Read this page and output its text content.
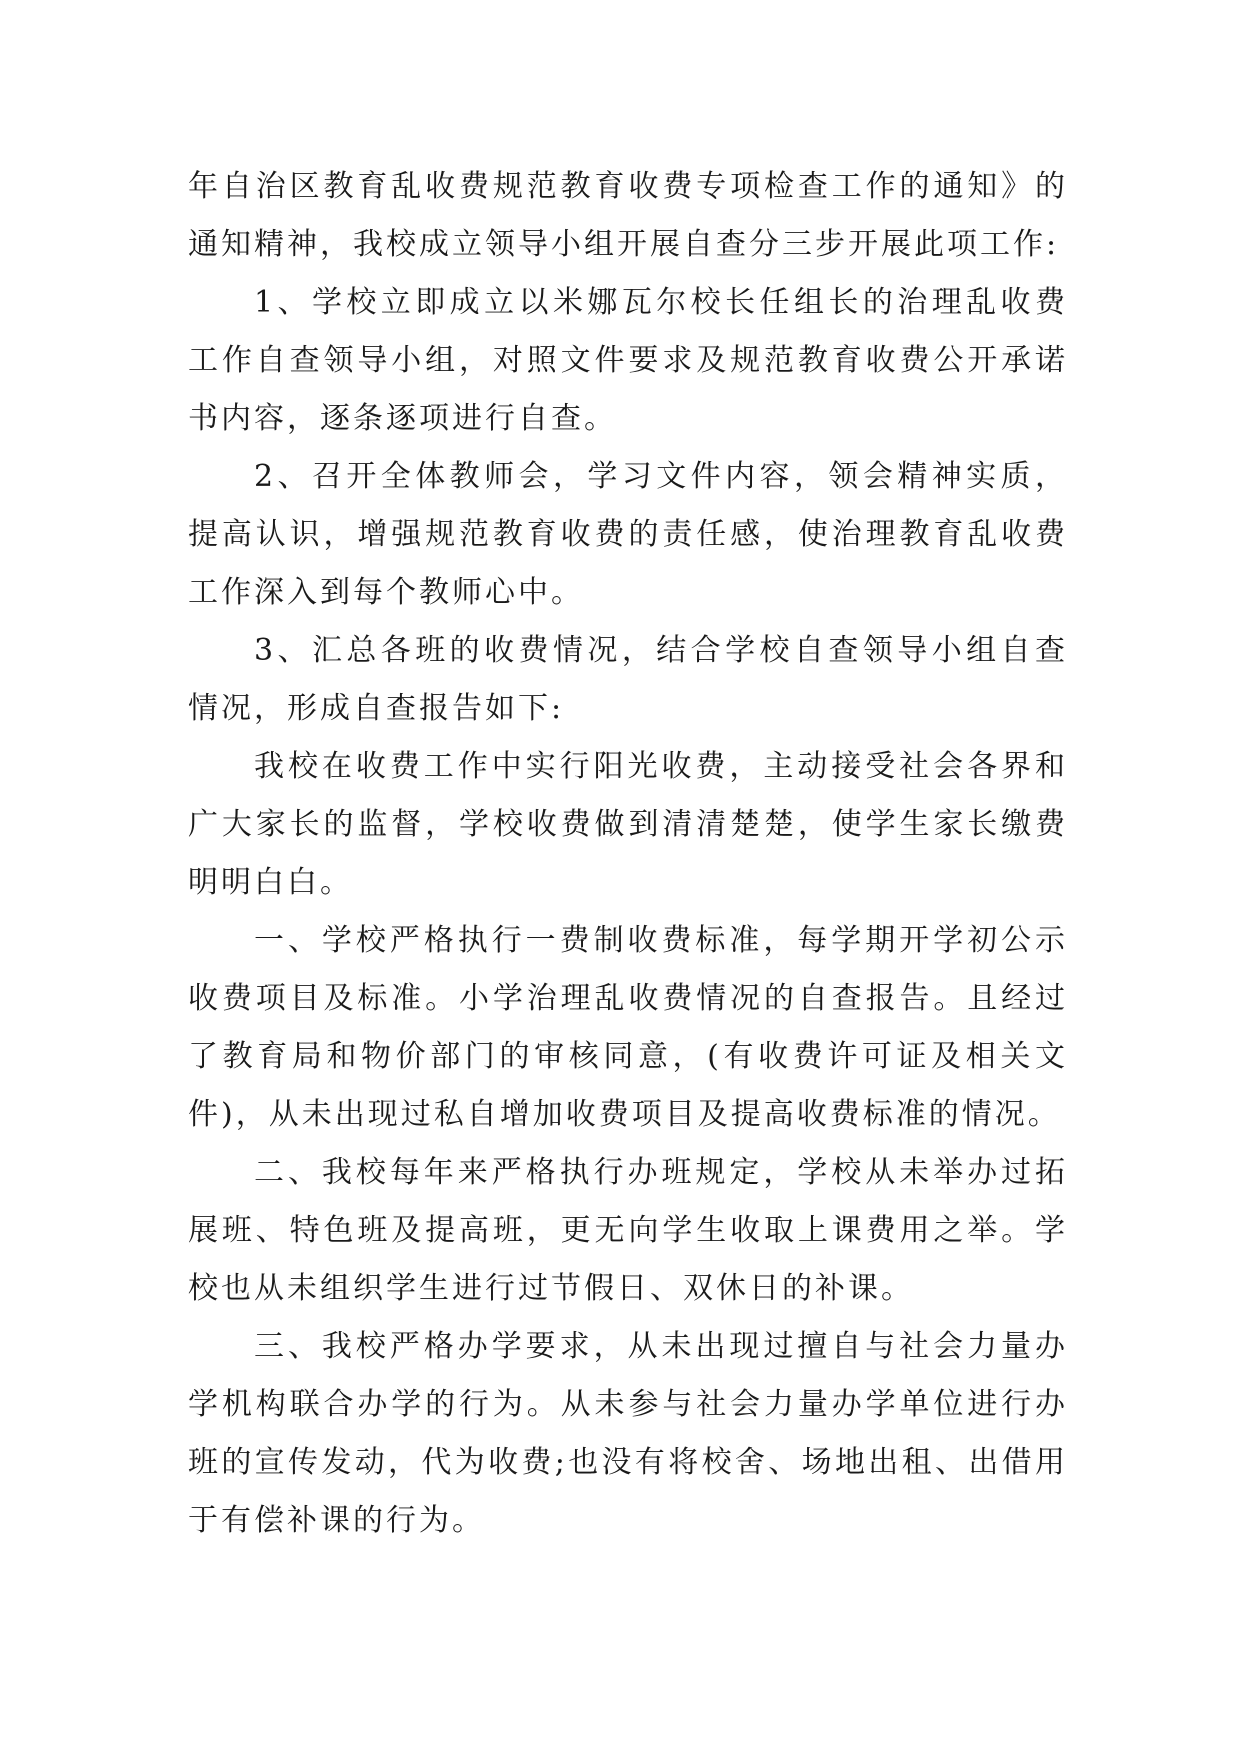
年自治区教育乱收费规范教育收费专项检查工作的通知》的通知精神，我校成立领导小组开展自查分三步开展此项工作:

1、学校立即成立以米娜瓦尔校长任组长的治理乱收费工作自查领导小组，对照文件要求及规范教育收费公开承诺书内容，逐条逐项进行自查。

2、召开全体教师会，学习文件内容，领会精神实质，提高认识，增强规范教育收费的责任感，使治理教育乱收费工作深入到每个教师心中。

3、汇总各班的收费情况，结合学校自查领导小组自查情况，形成自查报告如下:

我校在收费工作中实行阳光收费，主动接受社会各界和广大家长的监督，学校收费做到清清楚楚，使学生家长缴费明明白白。

一、学校严格执行一费制收费标准，每学期开学初公示收费项目及标准。小学治理乱收费情况的自查报告。且经过了教育局和物价部门的审核同意，(有收费许可证及相关文件)，从未出现过私自增加收费项目及提高收费标准的情况。

二、我校每年来严格执行办班规定，学校从未举办过拓展班、特色班及提高班，更无向学生收取上课费用之举。学校也从未组织学生进行过节假日、双休日的补课。

三、我校严格办学要求，从未出现过擅自与社会力量办学机构联合办学的行为。从未参与社会力量办学单位进行办班的宣传发动，代为收费;也没有将校舍、场地出租、出借用于有偿补课的行为。
